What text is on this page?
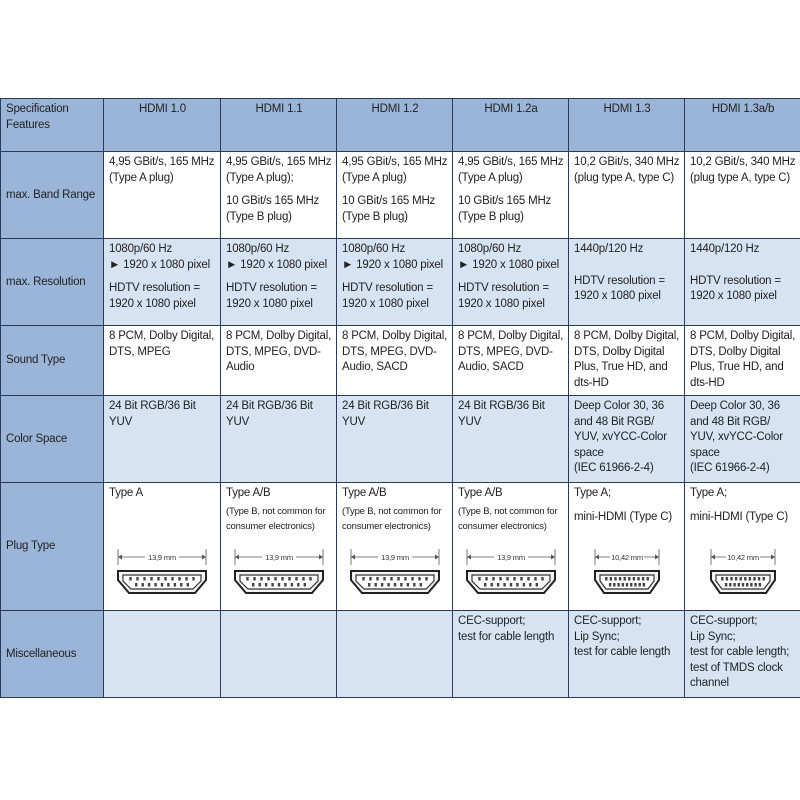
Specification Features	HDMI 1.0	HDMI 1.1	HDMI 1.2	HDMI 1.2a	HDMI 1.3	HDMI 1.3a/b
max. Band Range	4,95 GBit/s, 165 MHz
(Type A plug)	4,95 GBit/s, 165 MHz
(Type A plug);
10 GBit/s 165 MHz
(Type B plug)	4,95 GBit/s, 165 MHz
(Type A plug)
10 GBit/s 165 MHz
(Type B plug)	4,95 GBit/s, 165 MHz
(Type A plug)
10 GBit/s 165 MHz
(Type B plug)	10,2 GBit/s, 340 MHz
(plug type A, type C)	10,2 GBit/s, 340 MHz
(plug type A, type C)

max. Resolution	1080p/60 Hz
► 1920 x 1080 pixel
HDTV resolution =
1920 x 1080 pixel	1080p/60 Hz
► 1920 x 1080 pixel
HDTV resolution =
1920 x 1080 pixel	1080p/60 Hz
► 1920 x 1080 pixel
HDTV resolution =
1920 x 1080 pixel	1080p/60 Hz
► 1920 x 1080 pixel
HDTV resolution =
1920 x 1080 pixel	1440p/120 Hz
HDTV resolution =
1920 x 1080 pixel	1440p/120 Hz
HDTV resolution =
1920 x 1080 pixel

Sound Type	8 PCM, Dolby Digital,
DTS, MPEG	8 PCM, Dolby Digital,
DTS, MPEG, DVD-
Audio	8 PCM, Dolby Digital,
DTS, MPEG, DVD-
Audio, SACD	8 PCM, Dolby Digital,
DTS, MPEG, DVD-
Audio, SACD	8 PCM, Dolby Digital,
DTS, Dolby Digital
Plus, True HD, and
dts-HD	8 PCM, Dolby Digital,
DTS, Dolby Digital
Plus, True HD, and
dts-HD

Color Space	24 Bit RGB/36 Bit
YUV	24 Bit RGB/36 Bit
YUV	24 Bit RGB/36 Bit
YUV	24 Bit RGB/36 Bit
YUV	Deep Color 30, 36
and 48 Bit RGB/
YUV, xvYCC-Color
space
(IEC 61966-2-4)	Deep Color 30, 36
and 48 Bit RGB/
YUV, xvYCC-Color
space
(IEC 61966-2-4)

Plug Type	Type A
13,9 mm	Type A/B
(Type B, not common for
consumer electronics)
13,9 mm	Type A/B
(Type B, not common for
consumer electronics)
13,9 mm	Type A/B
(Type B, not common for
consumer electronics)
13,9 mm	Type A;
mini-HDMI (Type C)
10,42 mm	Type A;
mini-HDMI (Type C)
10,42 mm

Miscellaneous				CEC-support;
test for cable length	CEC-support;
Lip Sync;
test for cable length	CEC-support;
Lip Sync;
test for cable length;
test of TMDS clock
channel
